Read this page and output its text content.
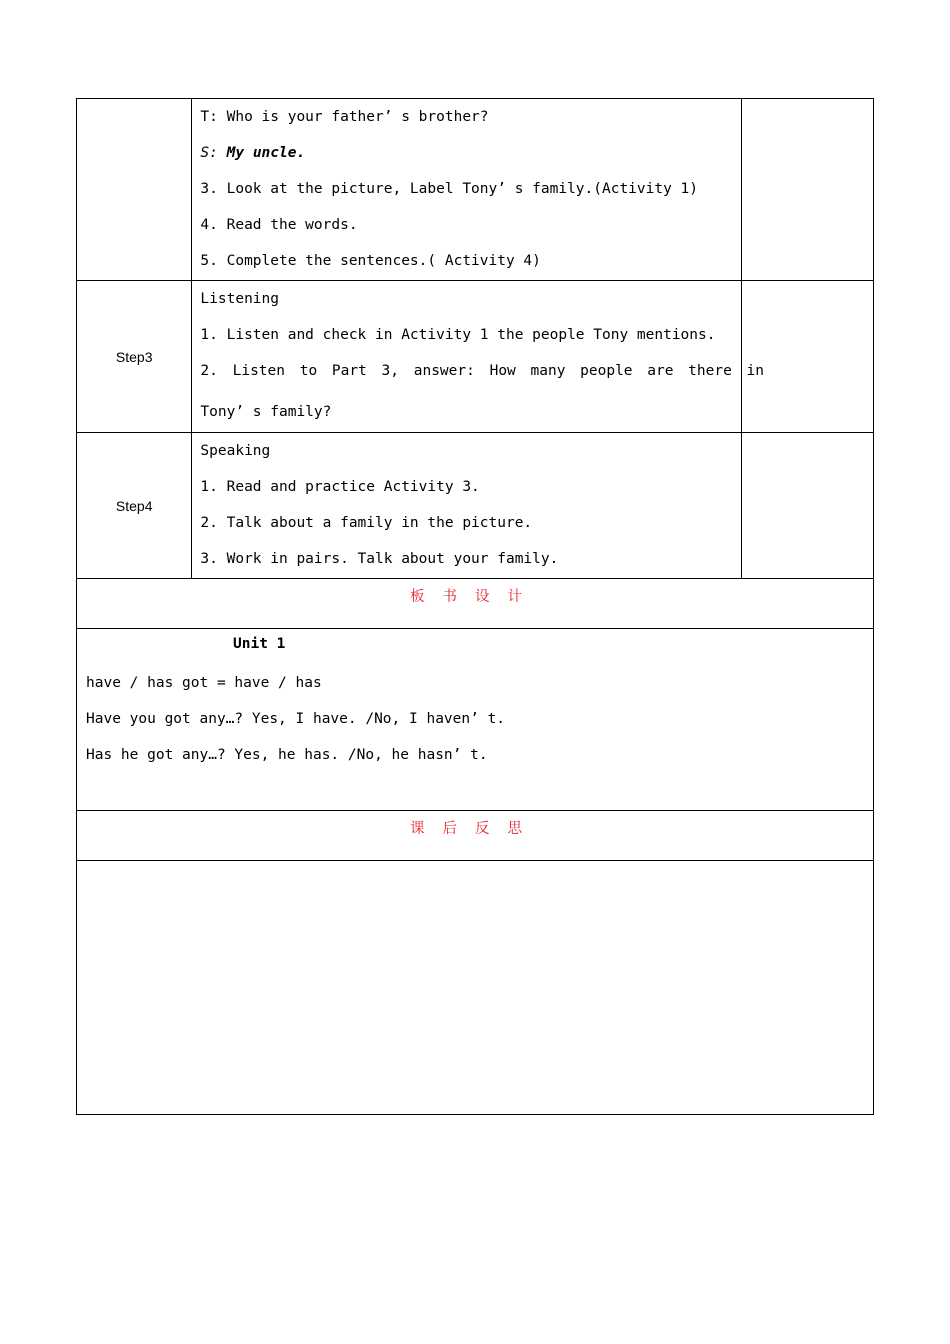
	T: Who is your father’ s brother?
S: My uncle.
3. Look at the picture, Label Tony’ s family.(Activity 1)
4. Read the words.
5. Complete the sentences.( Activity 4)	

Step3	Listening
1. Listen and check in Activity 1 the people Tony mentions.
2. Listen to Part 3, answer: How many people are there in
Tony’ s family?	

Step4	Speaking
1. Read and practice Activity 3.
2. Talk about a family in the picture.
3. Work in pairs. Talk about your family.	

板书设计		

Unit 1
have / has got = have / has
Have you got any…? Yes, I have. /No, I haven’ t.
Has he got any…? Yes, he has. /No, he hasn’ t.		

课后反思		
